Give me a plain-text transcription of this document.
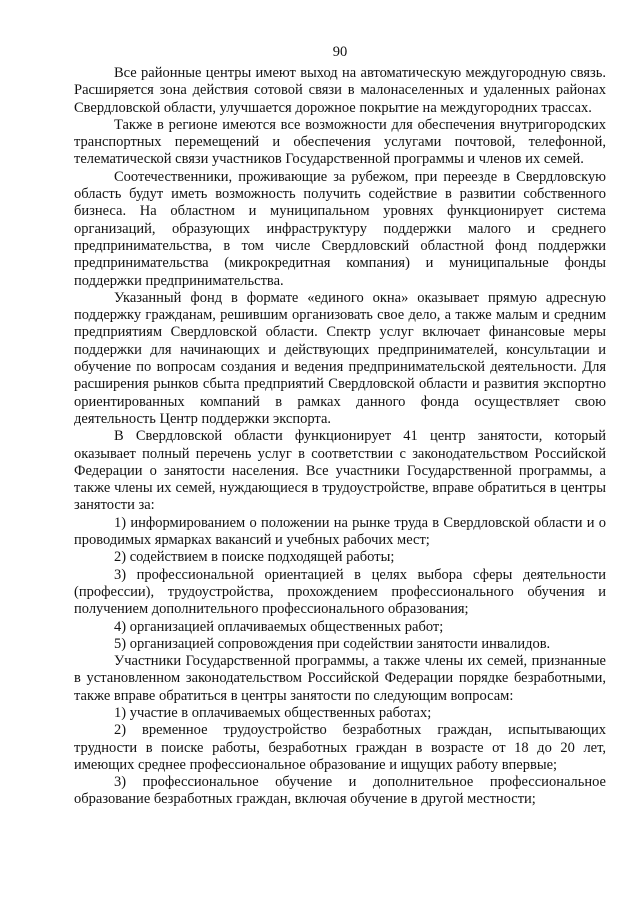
90

Все районные центры имеют выход на автоматическую междугородную связь. Расширяется зона действия сотовой связи в малонаселенных и удаленных районах Свердловской области, улучшается дорожное покрытие на междугородних трассах.

Также в регионе имеются все возможности для обеспечения внутригородских транспортных перемещений и обеспечения услугами почтовой, телефонной, телематической связи участников Государственной программы и членов их семей.

Соотечественники, проживающие за рубежом, при переезде в Свердловскую область будут иметь возможность получить содействие в развитии собственного бизнеса. На областном и муниципальном уровнях функционирует система организаций, образующих инфраструктуру поддержки малого и среднего предпринимательства, в том числе Свердловский областной фонд поддержки предпринимательства (микрокредитная компания) и муниципальные фонды поддержки предпринимательства.

Указанный фонд в формате «единого окна» оказывает прямую адресную поддержку гражданам, решившим организовать свое дело, а также малым и средним предприятиям Свердловской области. Спектр услуг включает финансовые меры поддержки для начинающих и действующих предпринимателей, консультации и обучение по вопросам создания и ведения предпринимательской деятельности. Для расширения рынков сбыта предприятий Свердловской области и развития экспортно ориентированных компаний в рамках данного фонда осуществляет свою деятельность Центр поддержки экспорта.

В Свердловской области функционирует 41 центр занятости, который оказывает полный перечень услуг в соответствии с законодательством Российской Федерации о занятости населения. Все участники Государственной программы, а также члены их семей, нуждающиеся в трудоустройстве, вправе обратиться в центры занятости за:

1) информированием о положении на рынке труда в Свердловской области и о проводимых ярмарках вакансий и учебных рабочих мест;

2) содействием в поиске подходящей работы;

3) профессиональной ориентацией в целях выбора сферы деятельности (профессии), трудоустройства, прохождением профессионального обучения и получением дополнительного профессионального образования;

4) организацией оплачиваемых общественных работ;

5) организацией сопровождения при содействии занятости инвалидов.

Участники Государственной программы, а также члены их семей, признанные в установленном законодательством Российской Федерации порядке безработными, также вправе обратиться в центры занятости по следующим вопросам:

1) участие в оплачиваемых общественных работах;

2) временное трудоустройство безработных граждан, испытывающих трудности в поиске работы, безработных граждан в возрасте от 18 до 20 лет, имеющих среднее профессиональное образование и ищущих работу впервые;

3) профессиональное обучение и дополнительное профессиональное образование безработных граждан, включая обучение в другой местности;
